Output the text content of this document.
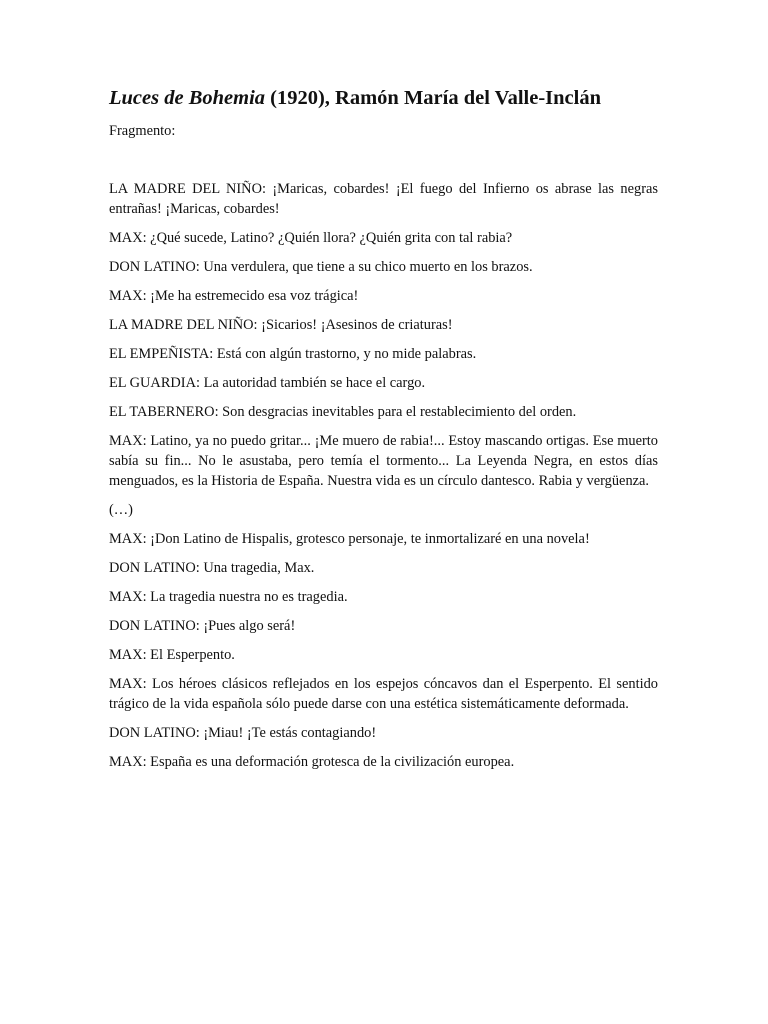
Luces de Bohemia (1920), Ramón María del Valle-Inclán

Fragmento:

LA MADRE DEL NIÑO: ¡Maricas, cobardes! ¡El fuego del Infierno os abrase las negras entrañas! ¡Maricas, cobardes!

MAX: ¿Qué sucede, Latino? ¿Quién llora? ¿Quién grita con tal rabia?

DON LATINO: Una verdulera, que tiene a su chico muerto en los brazos.

MAX: ¡Me ha estremecido esa voz trágica!

LA MADRE DEL NIÑO: ¡Sicarios! ¡Asesinos de criaturas!

EL EMPEÑISTA: Está con algún trastorno, y no mide palabras.

EL GUARDIA: La autoridad también se hace el cargo.

EL TABERNERO: Son desgracias inevitables para el restablecimiento del orden.

MAX: Latino, ya no puedo gritar... ¡Me muero de rabia!... Estoy mascando ortigas. Ese muerto sabía su fin... No le asustaba, pero temía el tormento... La Leyenda Negra, en estos días menguados, es la Historia de España. Nuestra vida es un círculo dantesco. Rabia y vergüenza.

(…)

MAX: ¡Don Latino de Hispalis, grotesco personaje, te inmortalizaré en una novela!

DON LATINO: Una tragedia, Max.

MAX: La tragedia nuestra no es tragedia.

DON LATINO: ¡Pues algo será!

MAX: El Esperpento.

MAX: Los héroes clásicos reflejados en los espejos cóncavos dan el Esperpento. El sentido trágico de la vida española sólo puede darse con una estética sistemáticamente deformada.

DON LATINO: ¡Miau! ¡Te estás contagiando!

MAX: España es una deformación grotesca de la civilización europea.
